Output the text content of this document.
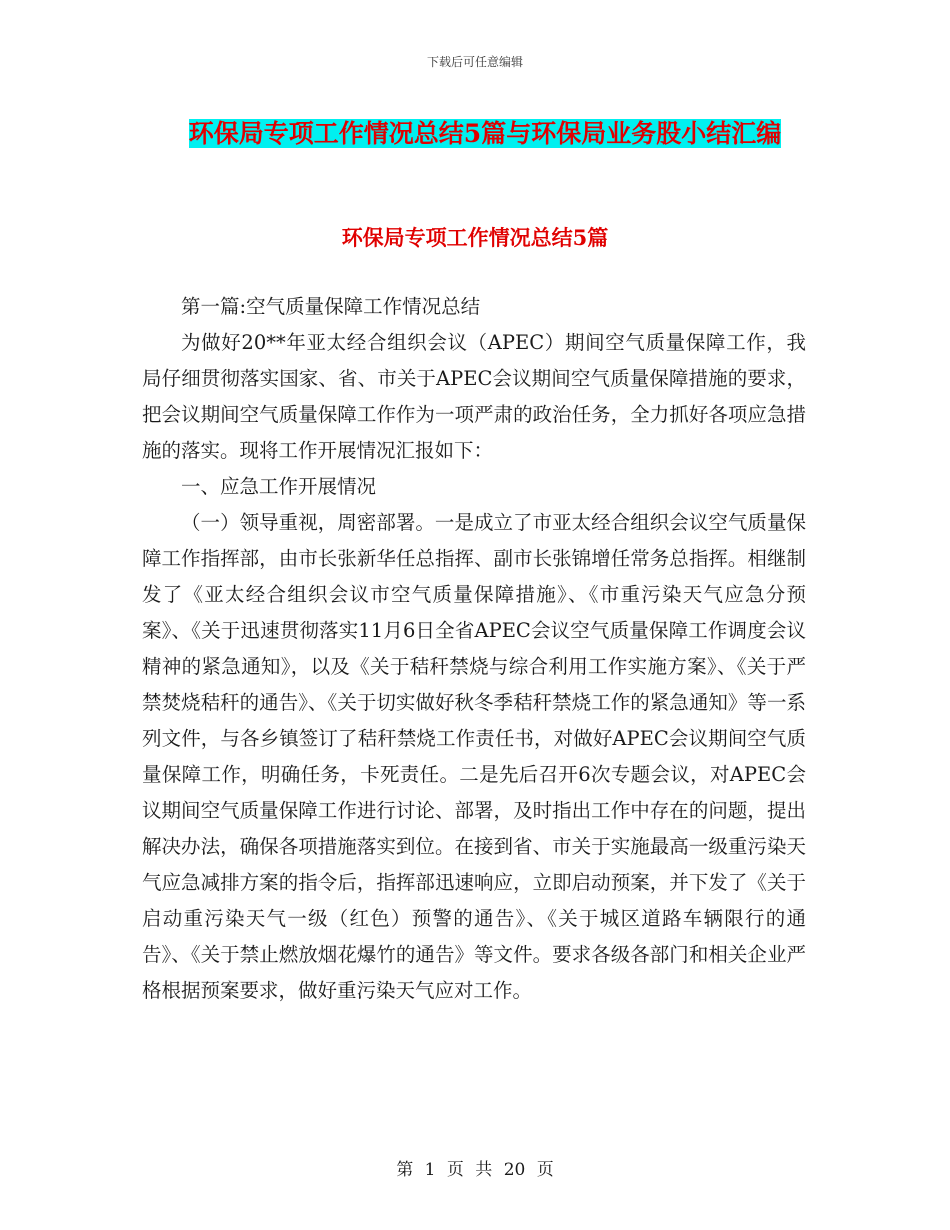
下载后可任意编辑
环保局专项工作情况总结5篇与环保局业务股小结汇编
环保局专项工作情况总结5篇

第一篇:空气质量保障工作情况总结

为做好20**年亚太经合组织会议（APEC）期间空气质量保障工作，我局仔细贯彻落实国家、省、市关于APEC会议期间空气质量保障措施的要求，把会议期间空气质量保障工作作为一项严肃的政治任务，全力抓好各项应急措施的落实。现将工作开展情况汇报如下：

一、应急工作开展情况

（一）领导重视，周密部署。一是成立了市亚太经合组织会议空气质量保障工作指挥部，由市长张新华任总指挥、副市长张锦增任常务总指挥。相继制发了《亚太经合组织会议市空气质量保障措施》、《市重污染天气应急分预案》、《关于迅速贯彻落实11月6日全省APEC会议空气质量保障工作调度会议精神的紧急通知》，以及《关于秸秆禁烧与综合利用工作实施方案》、《关于严禁焚烧秸秆的通告》、《关于切实做好秋冬季秸秆禁烧工作的紧急通知》等一系列文件，与各乡镇签订了秸秆禁烧工作责任书，对做好APEC会议期间空气质量保障工作，明确任务，卡死责任。二是先后召开6次专题会议，对APEC会议期间空气质量保障工作进行讨论、部署，及时指出工作中存在的问题，提出解决办法，确保各项措施落实到位。在接到省、市关于实施最高一级重污染天气应急减排方案的指令后，指挥部迅速响应，立即启动预案，并下发了《关于启动重污染天气一级（红色）预警的通告》、《关于城区道路车辆限行的通告》、《关于禁止燃放烟花爆竹的通告》等文件。要求各级各部门和相关企业严格根据预案要求，做好重污染天气应对工作。

第 1 页 共 20 页
